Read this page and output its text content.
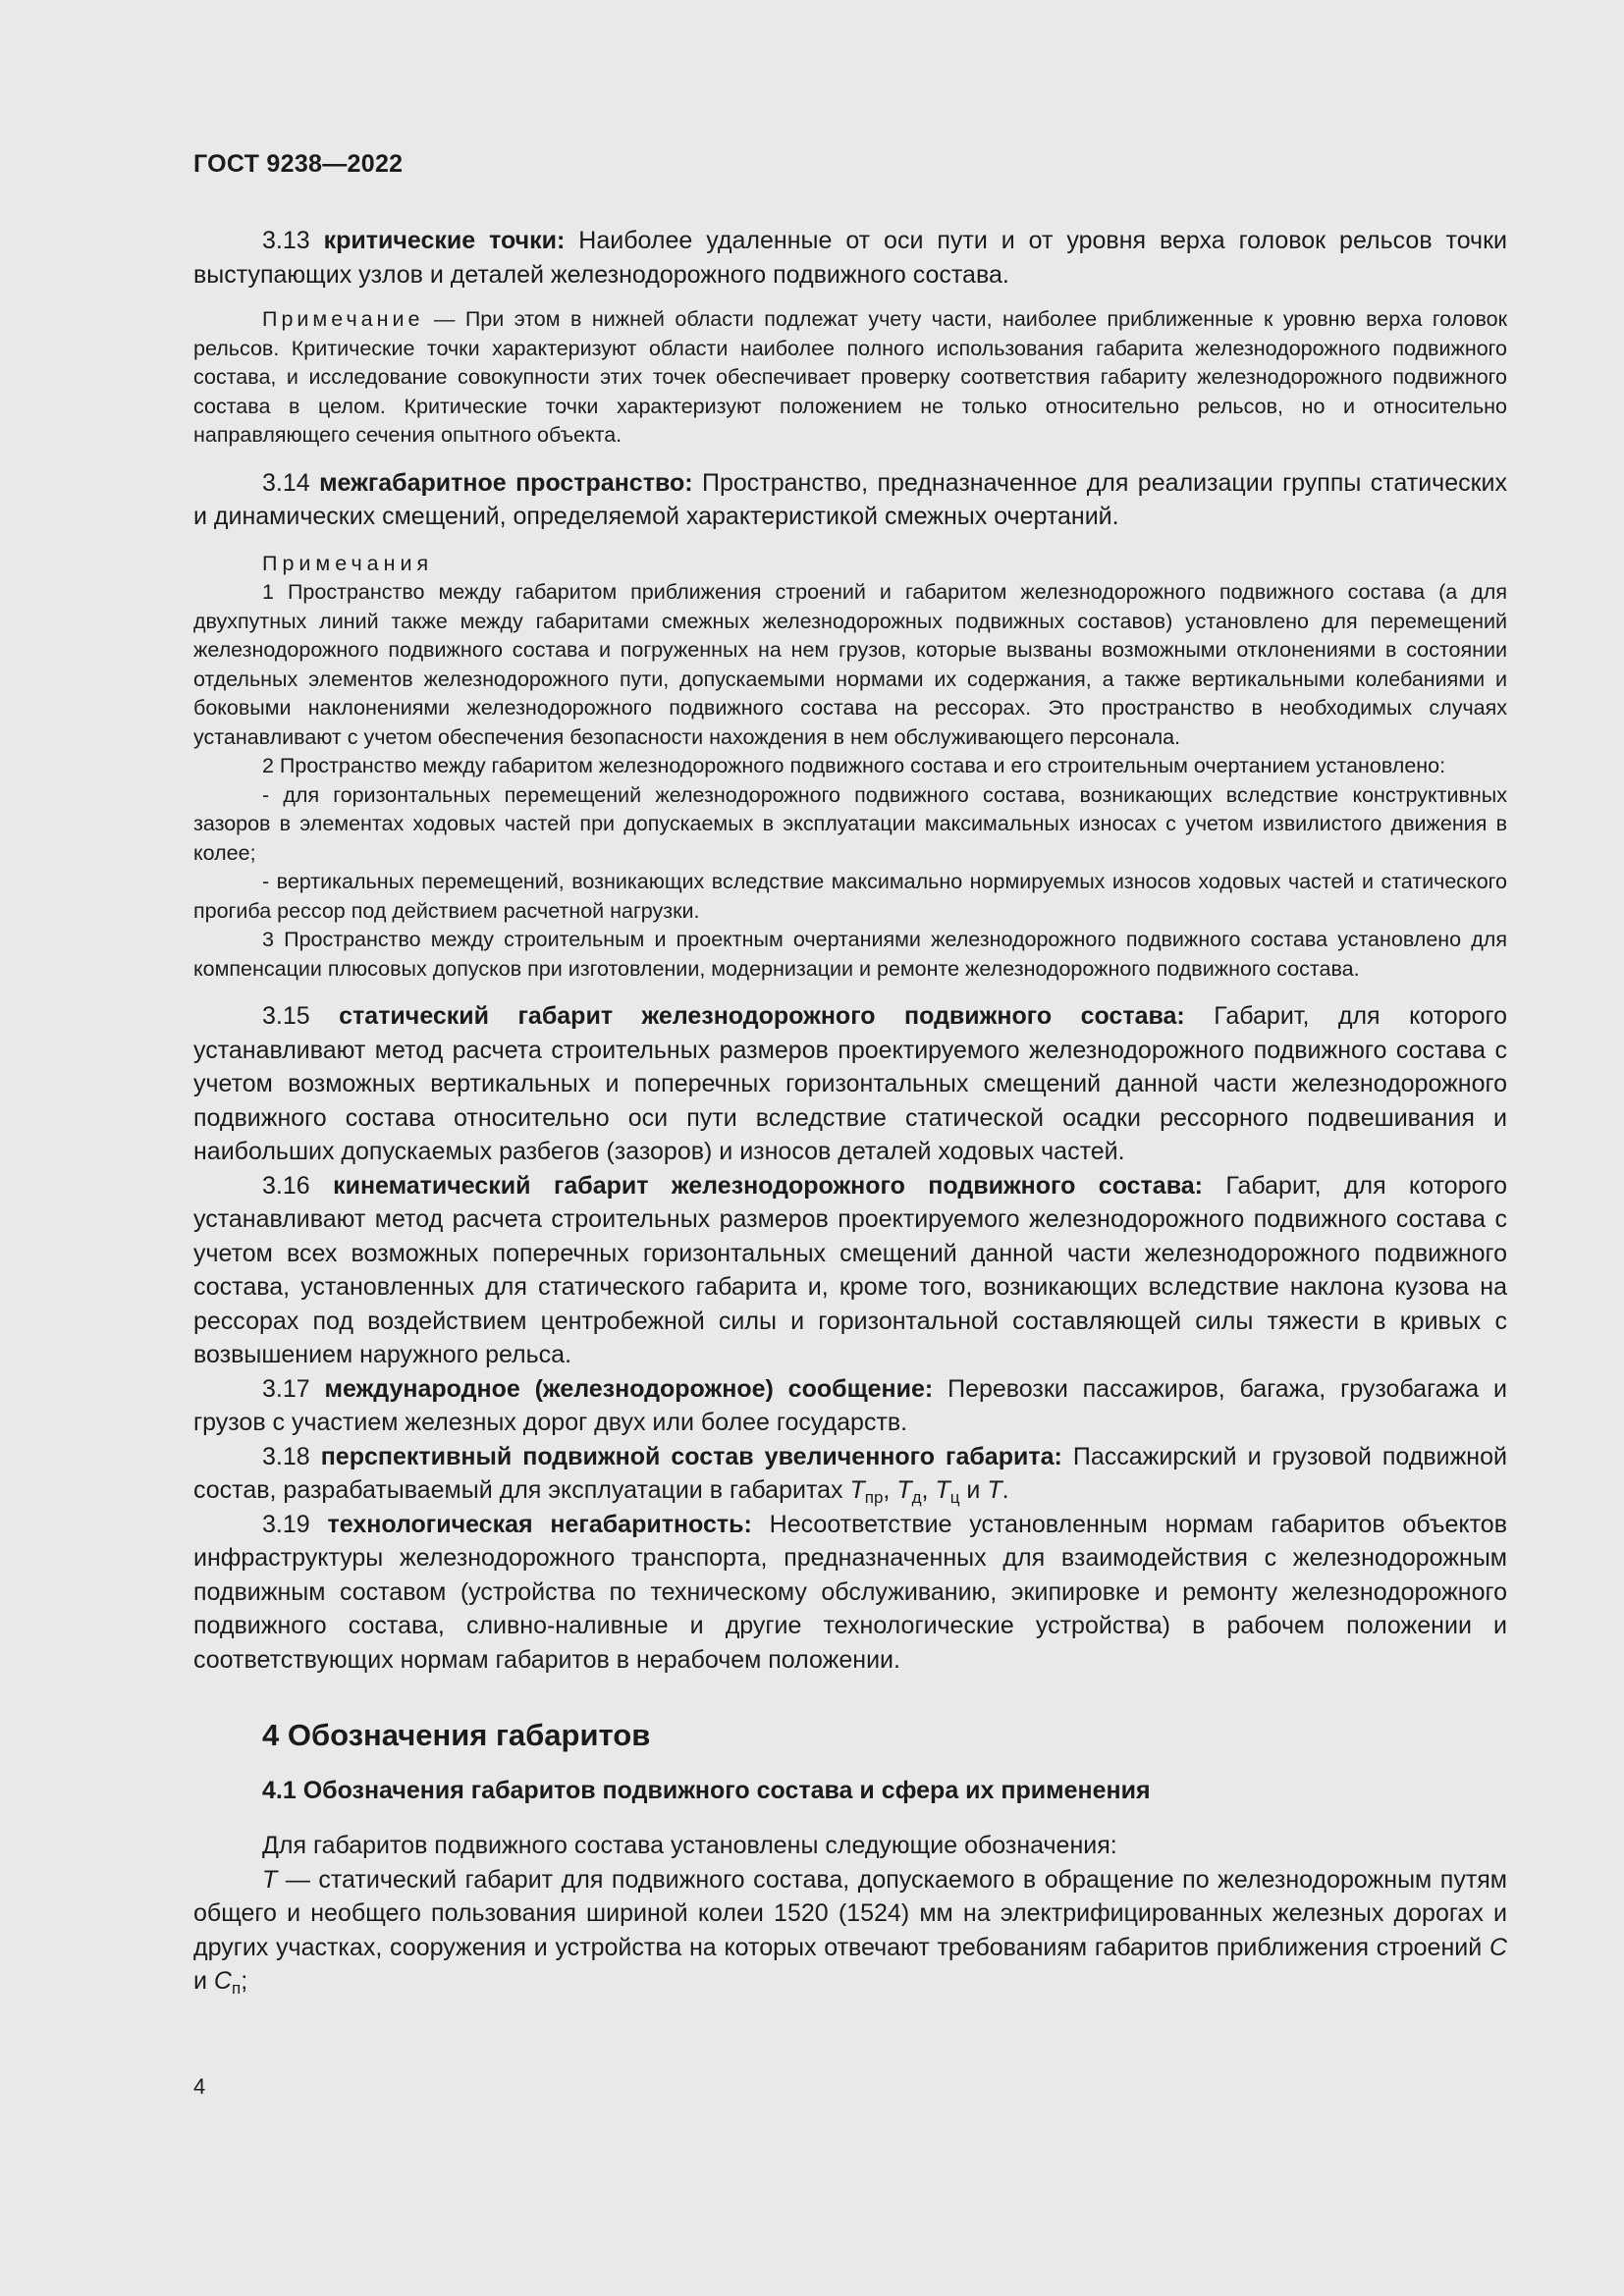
ГОСТ 9238—2022

3.13 критические точки: Наиболее удаленные от оси пути и от уровня верха головок рельсов точки выступающих узлов и деталей железнодорожного подвижного состава.

Примечание — При этом в нижней области подлежат учету части, наиболее приближенные к уровню верха головок рельсов. Критические точки характеризуют области наиболее полного использования габарита железнодорожного подвижного состава, и исследование совокупности этих точек обеспечивает проверку соответствия габариту железнодорожного подвижного состава в целом. Критические точки характеризуют положением не только относительно рельсов, но и относительно направляющего сечения опытного объекта.

3.14 межгабаритное пространство: Пространство, предназначенное для реализации группы статических и динамических смещений, определяемой характеристикой смежных очертаний.

Примечания

1 Пространство между габаритом приближения строений и габаритом железнодорожного подвижного состава (а для двухпутных линий также между габаритами смежных железнодорожных подвижных составов) установлено для перемещений железнодорожного подвижного состава и погруженных на нем грузов, которые вызваны возможными отклонениями в состоянии отдельных элементов железнодорожного пути, допускаемыми нормами их содержания, а также вертикальными колебаниями и боковыми наклонениями железнодорожного подвижного состава на рессорах. Это пространство в необходимых случаях устанавливают с учетом обеспечения безопасности нахождения в нем обслуживающего персонала.

2 Пространство между габаритом железнодорожного подвижного состава и его строительным очертанием установлено:

- для горизонтальных перемещений железнодорожного подвижного состава, возникающих вследствие конструктивных зазоров в элементах ходовых частей при допускаемых в эксплуатации максимальных износах с учетом извилистого движения в колее;

- вертикальных перемещений, возникающих вследствие максимально нормируемых износов ходовых частей и статического прогиба рессор под действием расчетной нагрузки.

3 Пространство между строительным и проектным очертаниями железнодорожного подвижного состава установлено для компенсации плюсовых допусков при изготовлении, модернизации и ремонте железнодорожного подвижного состава.

3.15 статический габарит железнодорожного подвижного состава: Габарит, для которого устанавливают метод расчета строительных размеров проектируемого железнодорожного подвижного состава с учетом возможных вертикальных и поперечных горизонтальных смещений данной части железнодорожного подвижного состава относительно оси пути вследствие статической осадки рессорного подвешивания и наибольших допускаемых разбегов (зазоров) и износов деталей ходовых частей.

3.16 кинематический габарит железнодорожного подвижного состава: Габарит, для которого устанавливают метод расчета строительных размеров проектируемого железнодорожного подвижного состава с учетом всех возможных поперечных горизонтальных смещений данной части железнодорожного подвижного состава, установленных для статического габарита и, кроме того, возникающих вследствие наклона кузова на рессорах под воздействием центробежной силы и горизонтальной составляющей силы тяжести в кривых с возвышением наружного рельса.

3.17 международное (железнодорожное) сообщение: Перевозки пассажиров, багажа, грузобагажа и грузов с участием железных дорог двух или более государств.

3.18 перспективный подвижной состав увеличенного габарита: Пассажирский и грузовой подвижной состав, разрабатываемый для эксплуатации в габаритах $Т_{пр}$, $Т_д$, $Т_ц$ и Т.

3.19 технологическая негабаритность: Несоответствие установленным нормам габаритов объектов инфраструктуры железнодорожного транспорта, предназначенных для взаимодействия с железнодорожным подвижным составом (устройства по техническому обслуживанию, экипировке и ремонту железнодорожного подвижного состава, сливно-наливные и другие технологические устройства) в рабочем положении и соответствующих нормам габаритов в нерабочем положении.

4 Обозначения габаритов
4.1 Обозначения габаритов подвижного состава и сфера их применения

Для габаритов подвижного состава установлены следующие обозначения:

Т — статический габарит для подвижного состава, допускаемого в обращение по железнодорожным путям общего и необщего пользования шириной колеи 1520 (1524) мм на электрифицированных железных дорогах и других участках, сооружения и устройства на которых отвечают требованиям габаритов приближения строений С и $С_п$;

4
